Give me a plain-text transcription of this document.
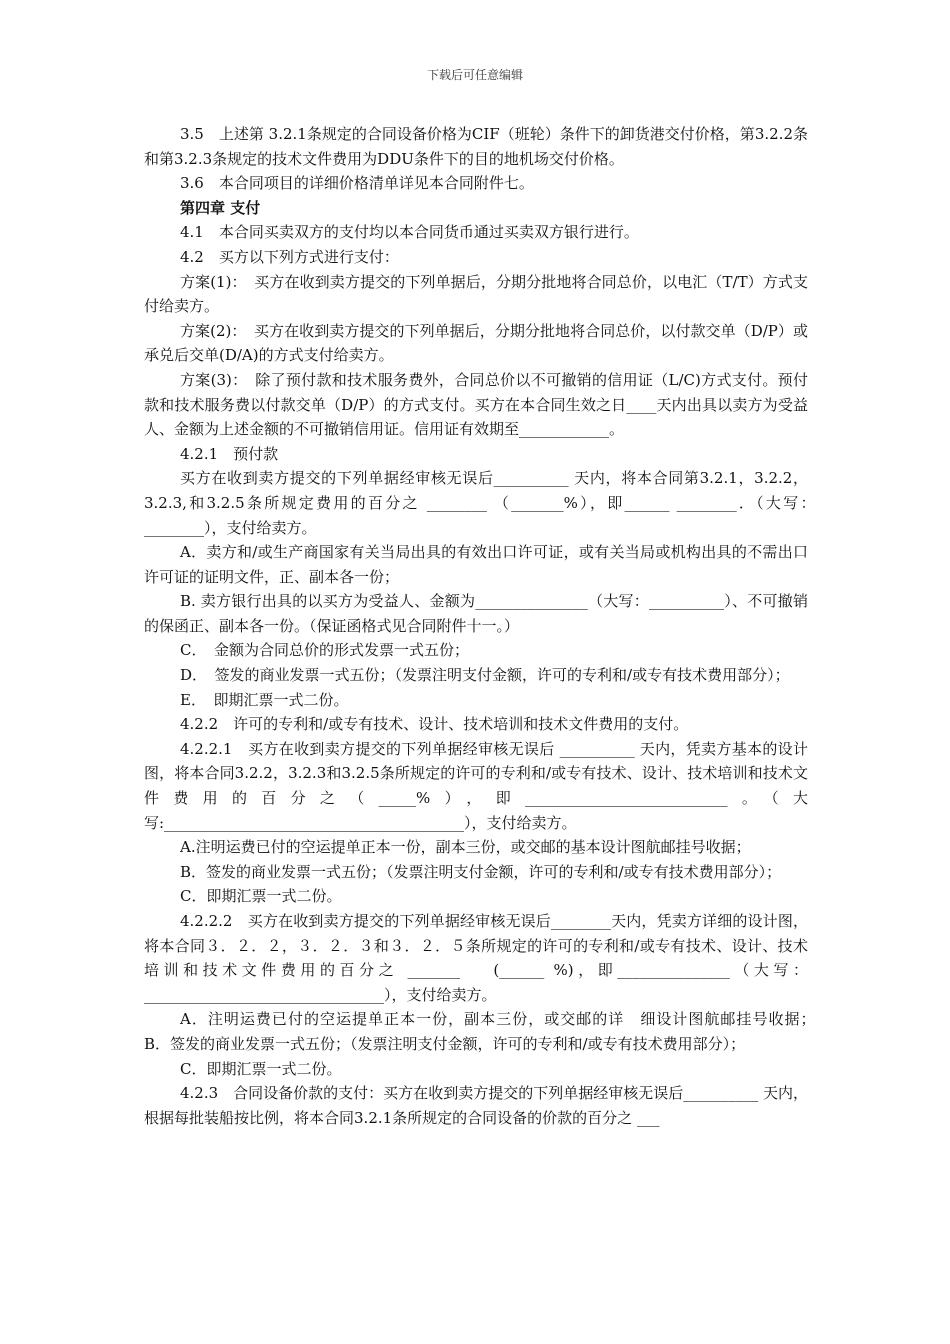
下载后可任意编辑

3.5　上述第 3.2.1条规定的合同设备价格为CIF（班轮）条件下的卸货港交付价格，第3.2.2条和第3.2.3条规定的技术文件费用为DDU条件下的目的地机场交付价格。

3.6　本合同项目的详细价格清单详见本合同附件七。

第四章 支付

4.1　本合同买卖双方的支付均以本合同货币通过买卖双方银行进行。

4.2　买方以下列方式进行支付：

方案(1)：　买方在收到卖方提交的下列单据后，分期分批地将合同总价，以电汇（T/T）方式支付给卖方。

方案(2)：　买方在收到卖方提交的下列单据后，分期分批地将合同总价，以付款交单（D/P）或承兑后交单(D/A)的方式支付给卖方。

方案(3)：　除了预付款和技术服务费外，合同总价以不可撤销的信用证（L/C)方式支付。预付款和技术服务费以付款交单（D/P）的方式支付。买方在本合同生效之日____天内出具以卖方为受益人、金额为上述金额的不可撤销信用证。信用证有效期至____________。

4.2.1　预付款

买方在收到卖方提交的下列单据经审核无误后__________ 天内，将本合同第3.2.1，3.2.2，3.2.3,和3.2.5条所规定费用的百分之 ________ （_______%），即______ ________．（大写：　________），支付给卖方。

A．卖方和/或生产商国家有关当局出具的有效出口许可证，或有关当局或机构出具的不需出口许可证的证明文件，正、副本各一份；

B. 卖方银行出具的以买方为受益人、金额为_______________（大写：__________）、不可撤销的保函正、副本各一份。（保证函格式见合同附件十一。）

C．　金额为合同总价的形式发票一式五份；

D．　签发的商业发票一式五份；（发票注明支付金额，许可的专利和/或专有技术费用部分）；

E．　即期汇票一式二份。

4.2.2　许可的专利和/或专有技术、设计、技术培训和技术文件费用的支付。

4.2.2.1　买方在收到卖方提交的下列单据经审核无误后 __________ 天内，凭卖方基本的设计图，将本合同3.2.2，3.2.3和3.2.5条所规定的许可的专利和/或专有技术、设计、技术培训和技术文件费用的百分之（_____%），即___________________________。（大写:________________________________________），支付给卖方。

A.注明运费已付的空运提单正本一份，副本三份，或交邮的基本设计图航邮挂号收据；

B．签发的商业发票一式五份；（发票注明支付金额，许可的专利和/或专有技术费用部分）；

C．即期汇票一式二份。

4.2.2.2　买方在收到卖方提交的下列单据经审核无误后________天内，凭卖方详细的设计图，将本合同３．２．２，３．２．３和３．２．５条所规定的许可的专利和/或专有技术、设计、技术培训和技术文件费用的百分之 _______　 (______ %)，即_______________（大写：________________________________），支付给卖方。

A．注明运费已付的空运提单正本一份，副本三份，或交邮的详　细设计图航邮挂号收据；　B．签发的商业发票一式五份；（发票注明支付金额，许可的专利和/或专有技术费用部分）；

C．即期汇票一式二份。

4.2.3　合同设备价款的支付：买方在收到卖方提交的下列单据经审核无误后__________ 天内，根据每批装船按比例，将本合同3.2.1条所规定的合同设备的价款的百分之 ___
